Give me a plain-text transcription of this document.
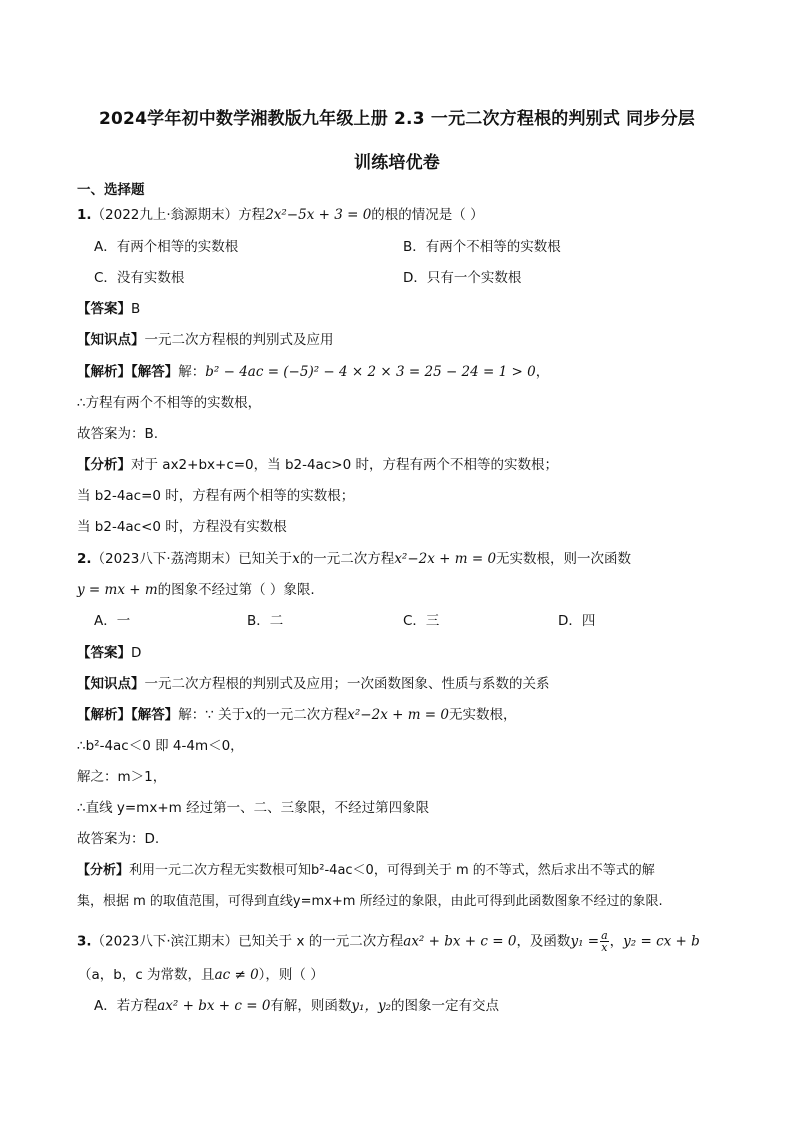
2024学年初中数学湘教版九年级上册 2.3 一元二次方程根的判别式 同步分层
训练培优卷
一、选择题
1.（2022九上·翁源期末）方程2x²−5x + 3 = 0的根的情况是（ ）
A．有两个相等的实数根	B．有两个不相等的实数根
C．没有实数根	D．只有一个实数根
【答案】B
【知识点】一元二次方程根的判别式及应用
【解析】【解答】解：b² − 4ac = (−5)² − 4 × 2 × 3 = 25 − 24 = 1 > 0，
∴方程有两个不相等的实数根，
故答案为：B.
【分析】对于 ax2+bx+c=0，当 b2-4ac>0 时，方程有两个不相等的实数根；
当 b2-4ac=0 时，方程有两个相等的实数根；
当 b2-4ac<0 时，方程没有实数根
2.（2023八下·荔湾期末）已知关于x的一元二次方程x²−2x + m = 0无实数根，则一次函数
y = mx + m的图象不经过第（ ）象限.
A．一	B．二	C．三	D．四
【答案】D
【知识点】一元二次方程根的判别式及应用；一次函数图象、性质与系数的关系
【解析】【解答】解：∵ 关于x的一元二次方程x²−2x + m = 0无实数根，
∴b²-4ac＜0 即 4-4m＜0，
解之：m＞1，
∴直线 y=mx+m 经过第一、二、三象限，不经过第四象限
故答案为：D.
【分析】利用一元二次方程无实数根可知b²-4ac＜0，可得到关于 m 的不等式，然后求出不等式的解
集，根据 m 的取值范围，可得到直线y=mx+m 所经过的象限，由此可得到此函数图象不经过的象限.
3.（2023八下·滨江期末）已知关于 x 的一元二次方程ax² + bx + c = 0，及函数$y_1 = \frac{a}{x}$ ，y₂ = cx + b
（a，b，c 为常数，且ac ≠ 0），则（ ）
A．若方程ax² + bx + c = 0有解，则函数y₁，y₂的图象一定有交点
